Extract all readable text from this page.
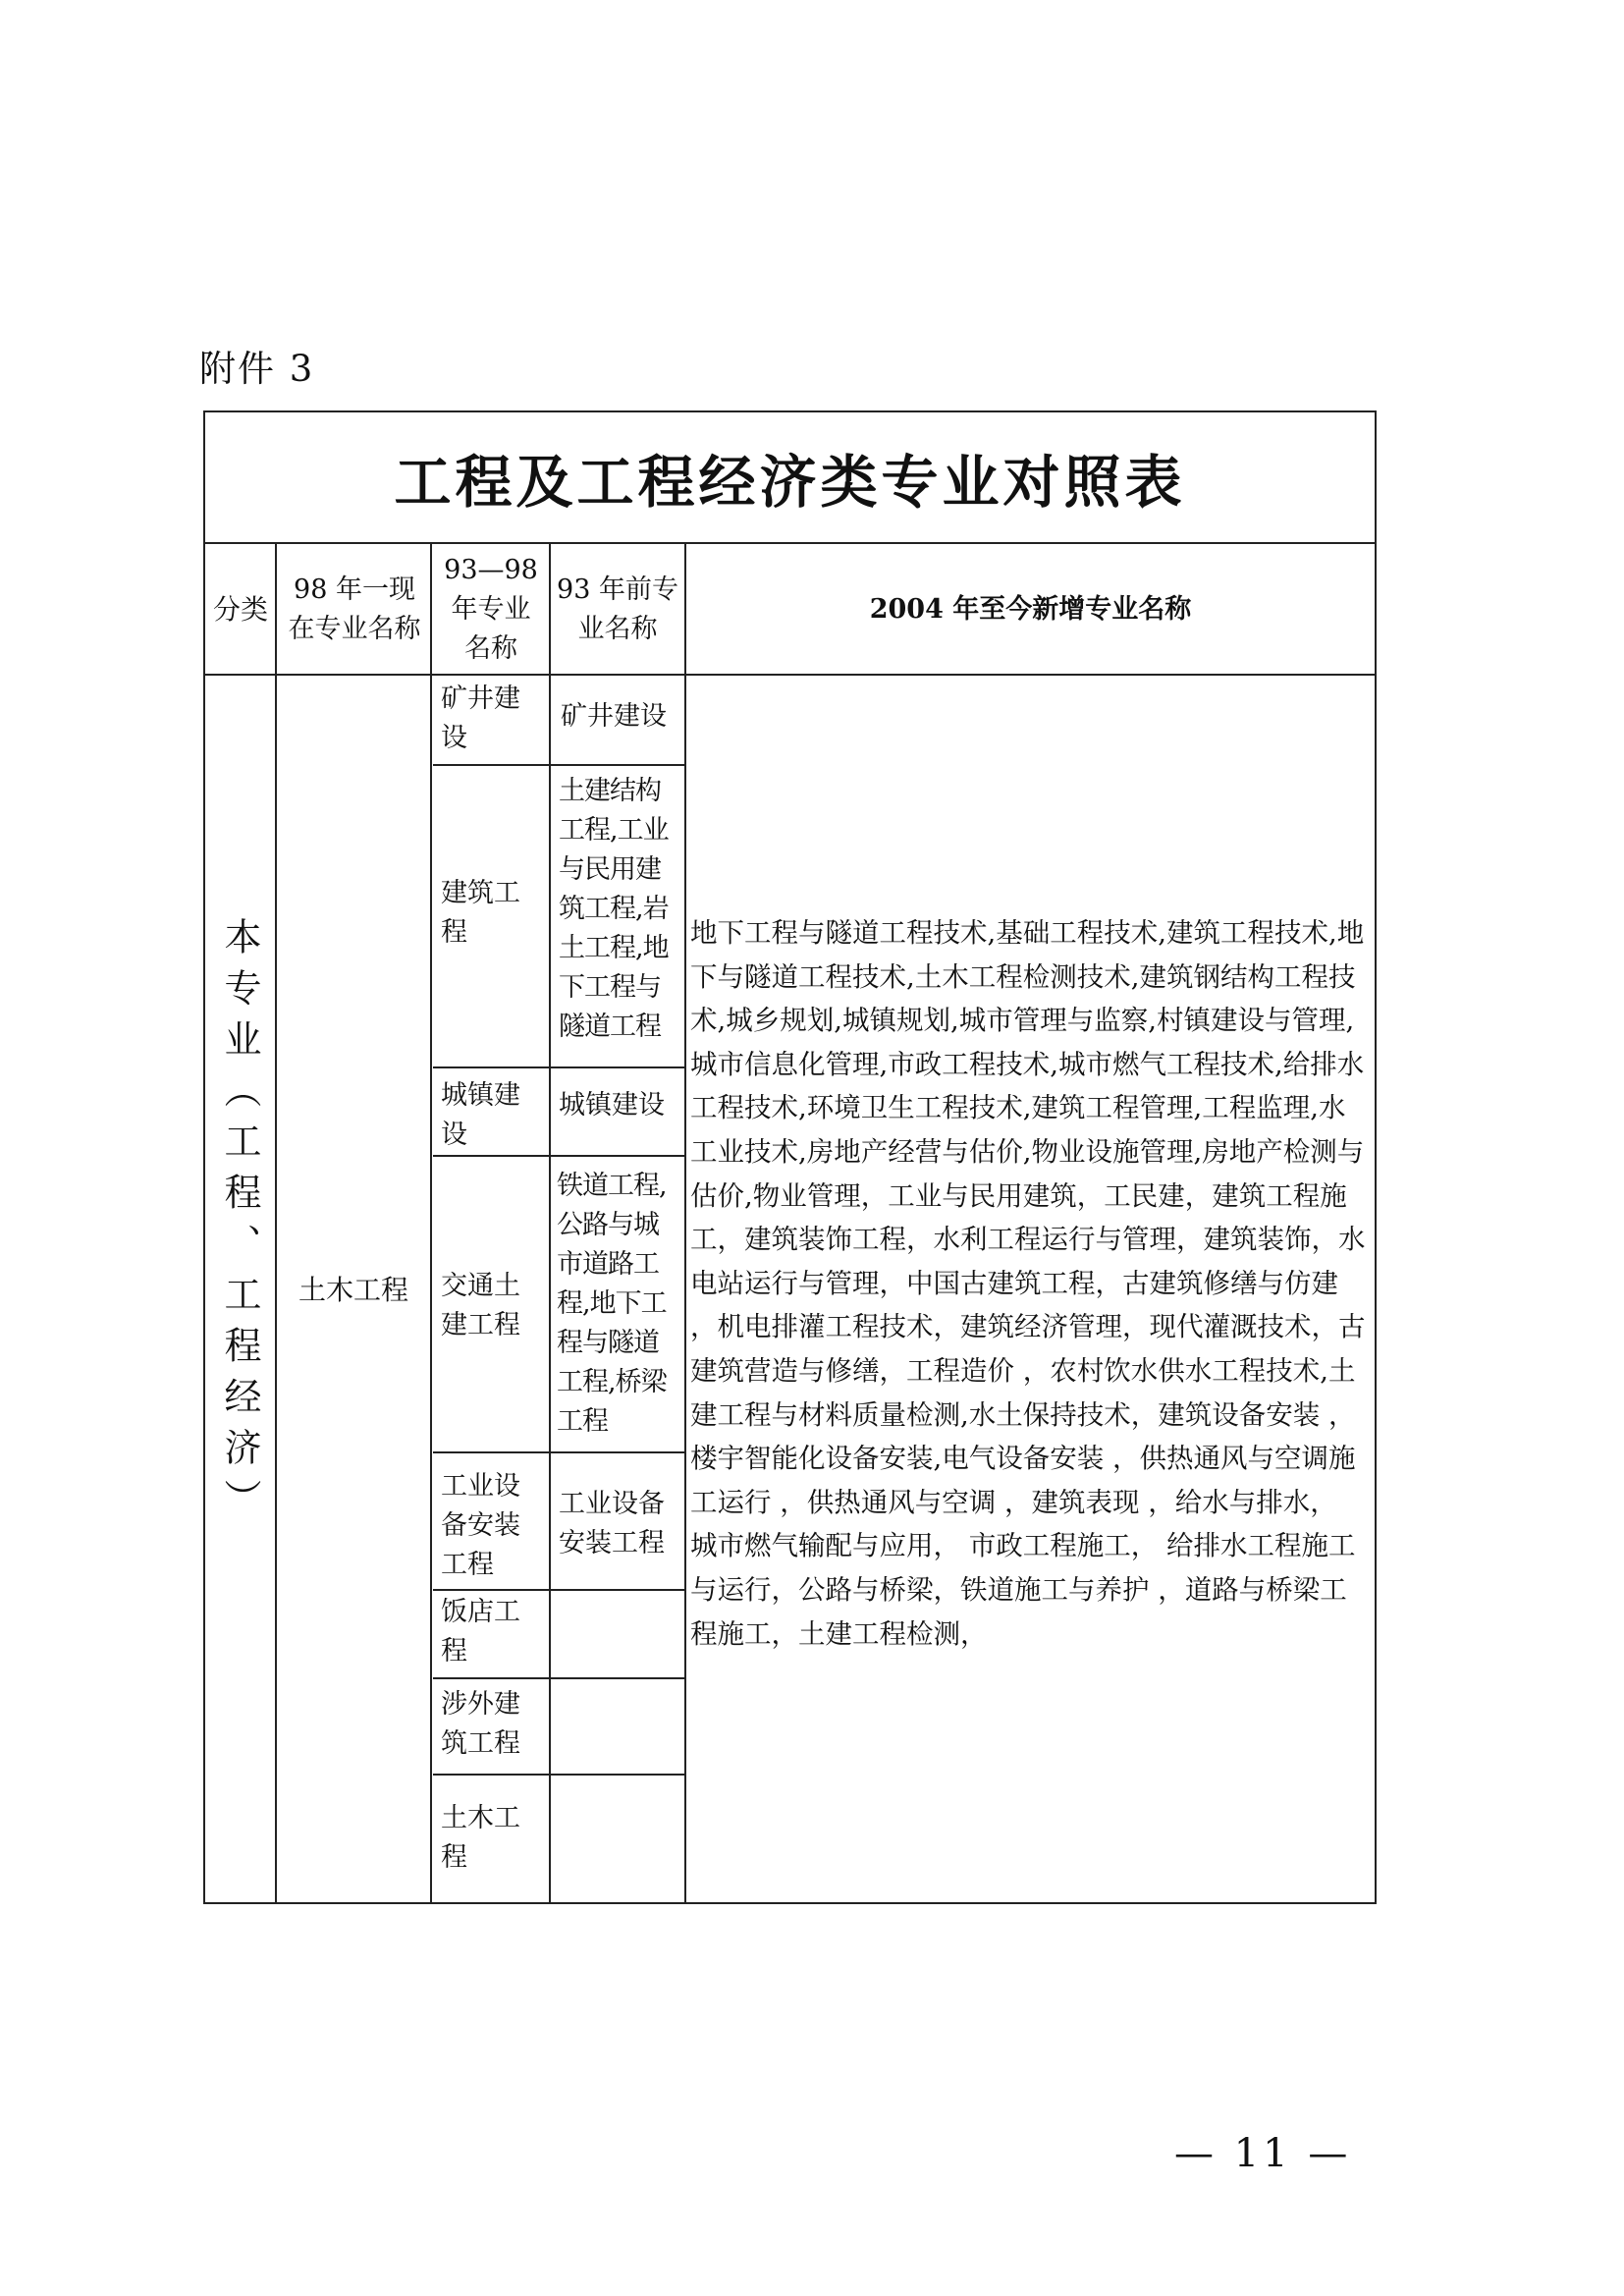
附件 3
工程及工程经济类专业对照表
分类
98 年一现在专业名称
93—98 年专业名称
93 年前专业名称
2004 年至今新增专业名称
本专业（工程、工程经济）	土木工程
矿井建设
建筑工程
城镇建设
交通土建工程
工业设备安装工程
饭店工程
涉外建筑工程
土木工程
矿井建设
土建结构工程,工业与民用建筑工程,岩土工程,地下工程与隧道工程
城镇建设
铁道工程,公路与城市道路工程,地下工程与隧道工程,桥梁工程
工业设备安装工程
地下工程与隧道工程技术,基础工程技术,建筑工程技术,地下与隧道工程技术,土木工程检测技术,建筑钢结构工程技术,城乡规划,城镇规划,城市管理与监察,村镇建设与管理,城市信息化管理,市政工程技术,城市燃气工程技术,给排水工程技术,环境卫生工程技术,建筑工程管理,工程监理,水工业技术,房地产经营与估价,物业设施管理,房地产检测与估价,物业管理，工业与民用建筑，工民建，建筑工程施工，建筑装饰工程，水利工程运行与管理，建筑装饰，水电站运行与管理，中国古建筑工程，古建筑修缮与仿建 ，机电排灌工程技术，建筑经济管理，现代灌溉技术，古建筑营造与修缮，工程造价 ，农村饮水供水工程技术,土建工程与材料质量检测,水土保持技术，建筑设备安装 ，楼宇智能化设备安装,电气设备安装 ，供热通风与空调施工运行 ，供热通风与空调 ，建筑表现 ，给水与排水， 城市燃气输配与应用， 市政工程施工， 给排水工程施工与运行，公路与桥梁，铁道施工与养护 ，道路与桥梁工程施工，土建工程检测，
— 11 —
